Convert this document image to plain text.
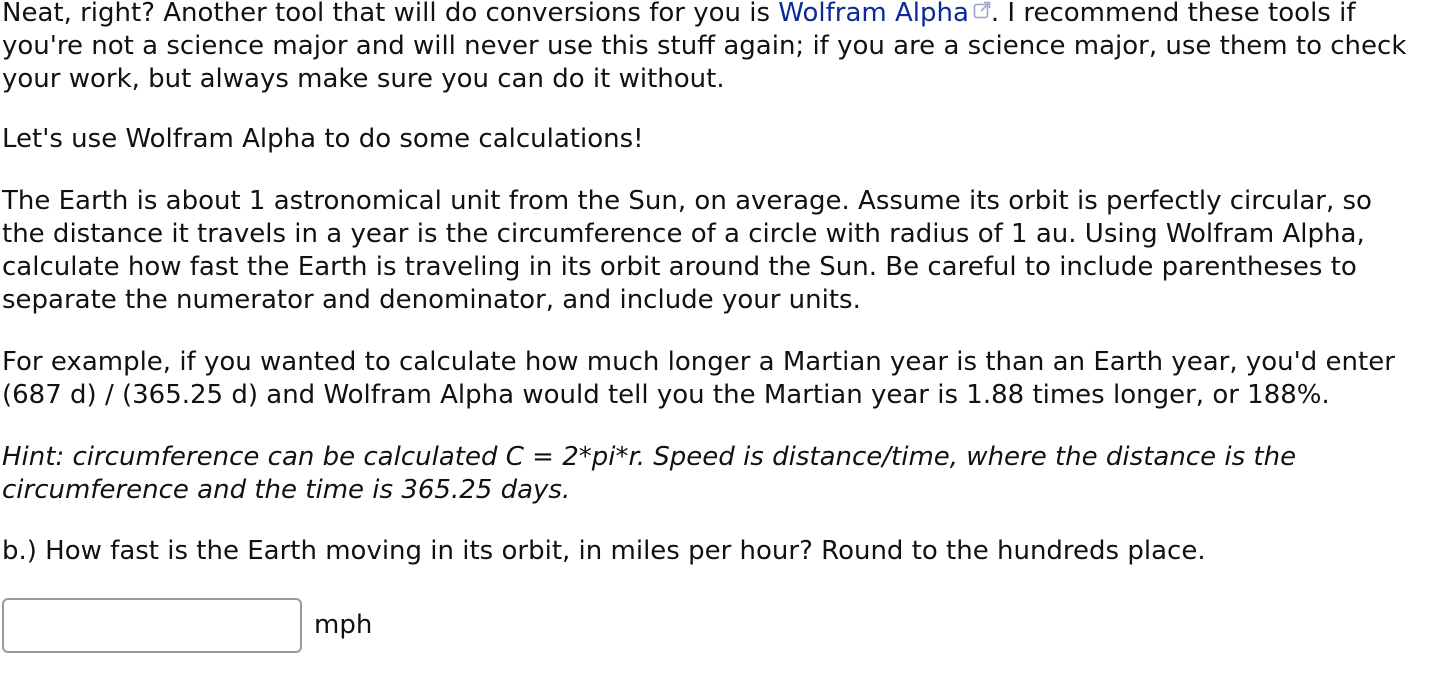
Neat, right? Another tool that will do conversions for you is Wolfram Alpha . I recommend these tools if you're not a science major and will never use this stuff again; if you are a science major, use them to check your work, but always make sure you can do it without.

Let's use Wolfram Alpha to do some calculations!

The Earth is about 1 astronomical unit from the Sun, on average. Assume its orbit is perfectly circular, so the distance it travels in a year is the circumference of a circle with radius of 1 au. Using Wolfram Alpha, calculate how fast the Earth is traveling in its orbit around the Sun. Be careful to include parentheses to separate the numerator and denominator, and include your units.

For example, if you wanted to calculate how much longer a Martian year is than an Earth year, you'd enter (687 d) / (365.25 d) and Wolfram Alpha would tell you the Martian year is 1.88 times longer, or 188%.

Hint: circumference can be calculated C = 2*pi*r. Speed is distance/time, where the distance is the circumference and the time is 365.25 days.

b.) How fast is the Earth moving in its orbit, in miles per hour? Round to the hundreds place.

mph
